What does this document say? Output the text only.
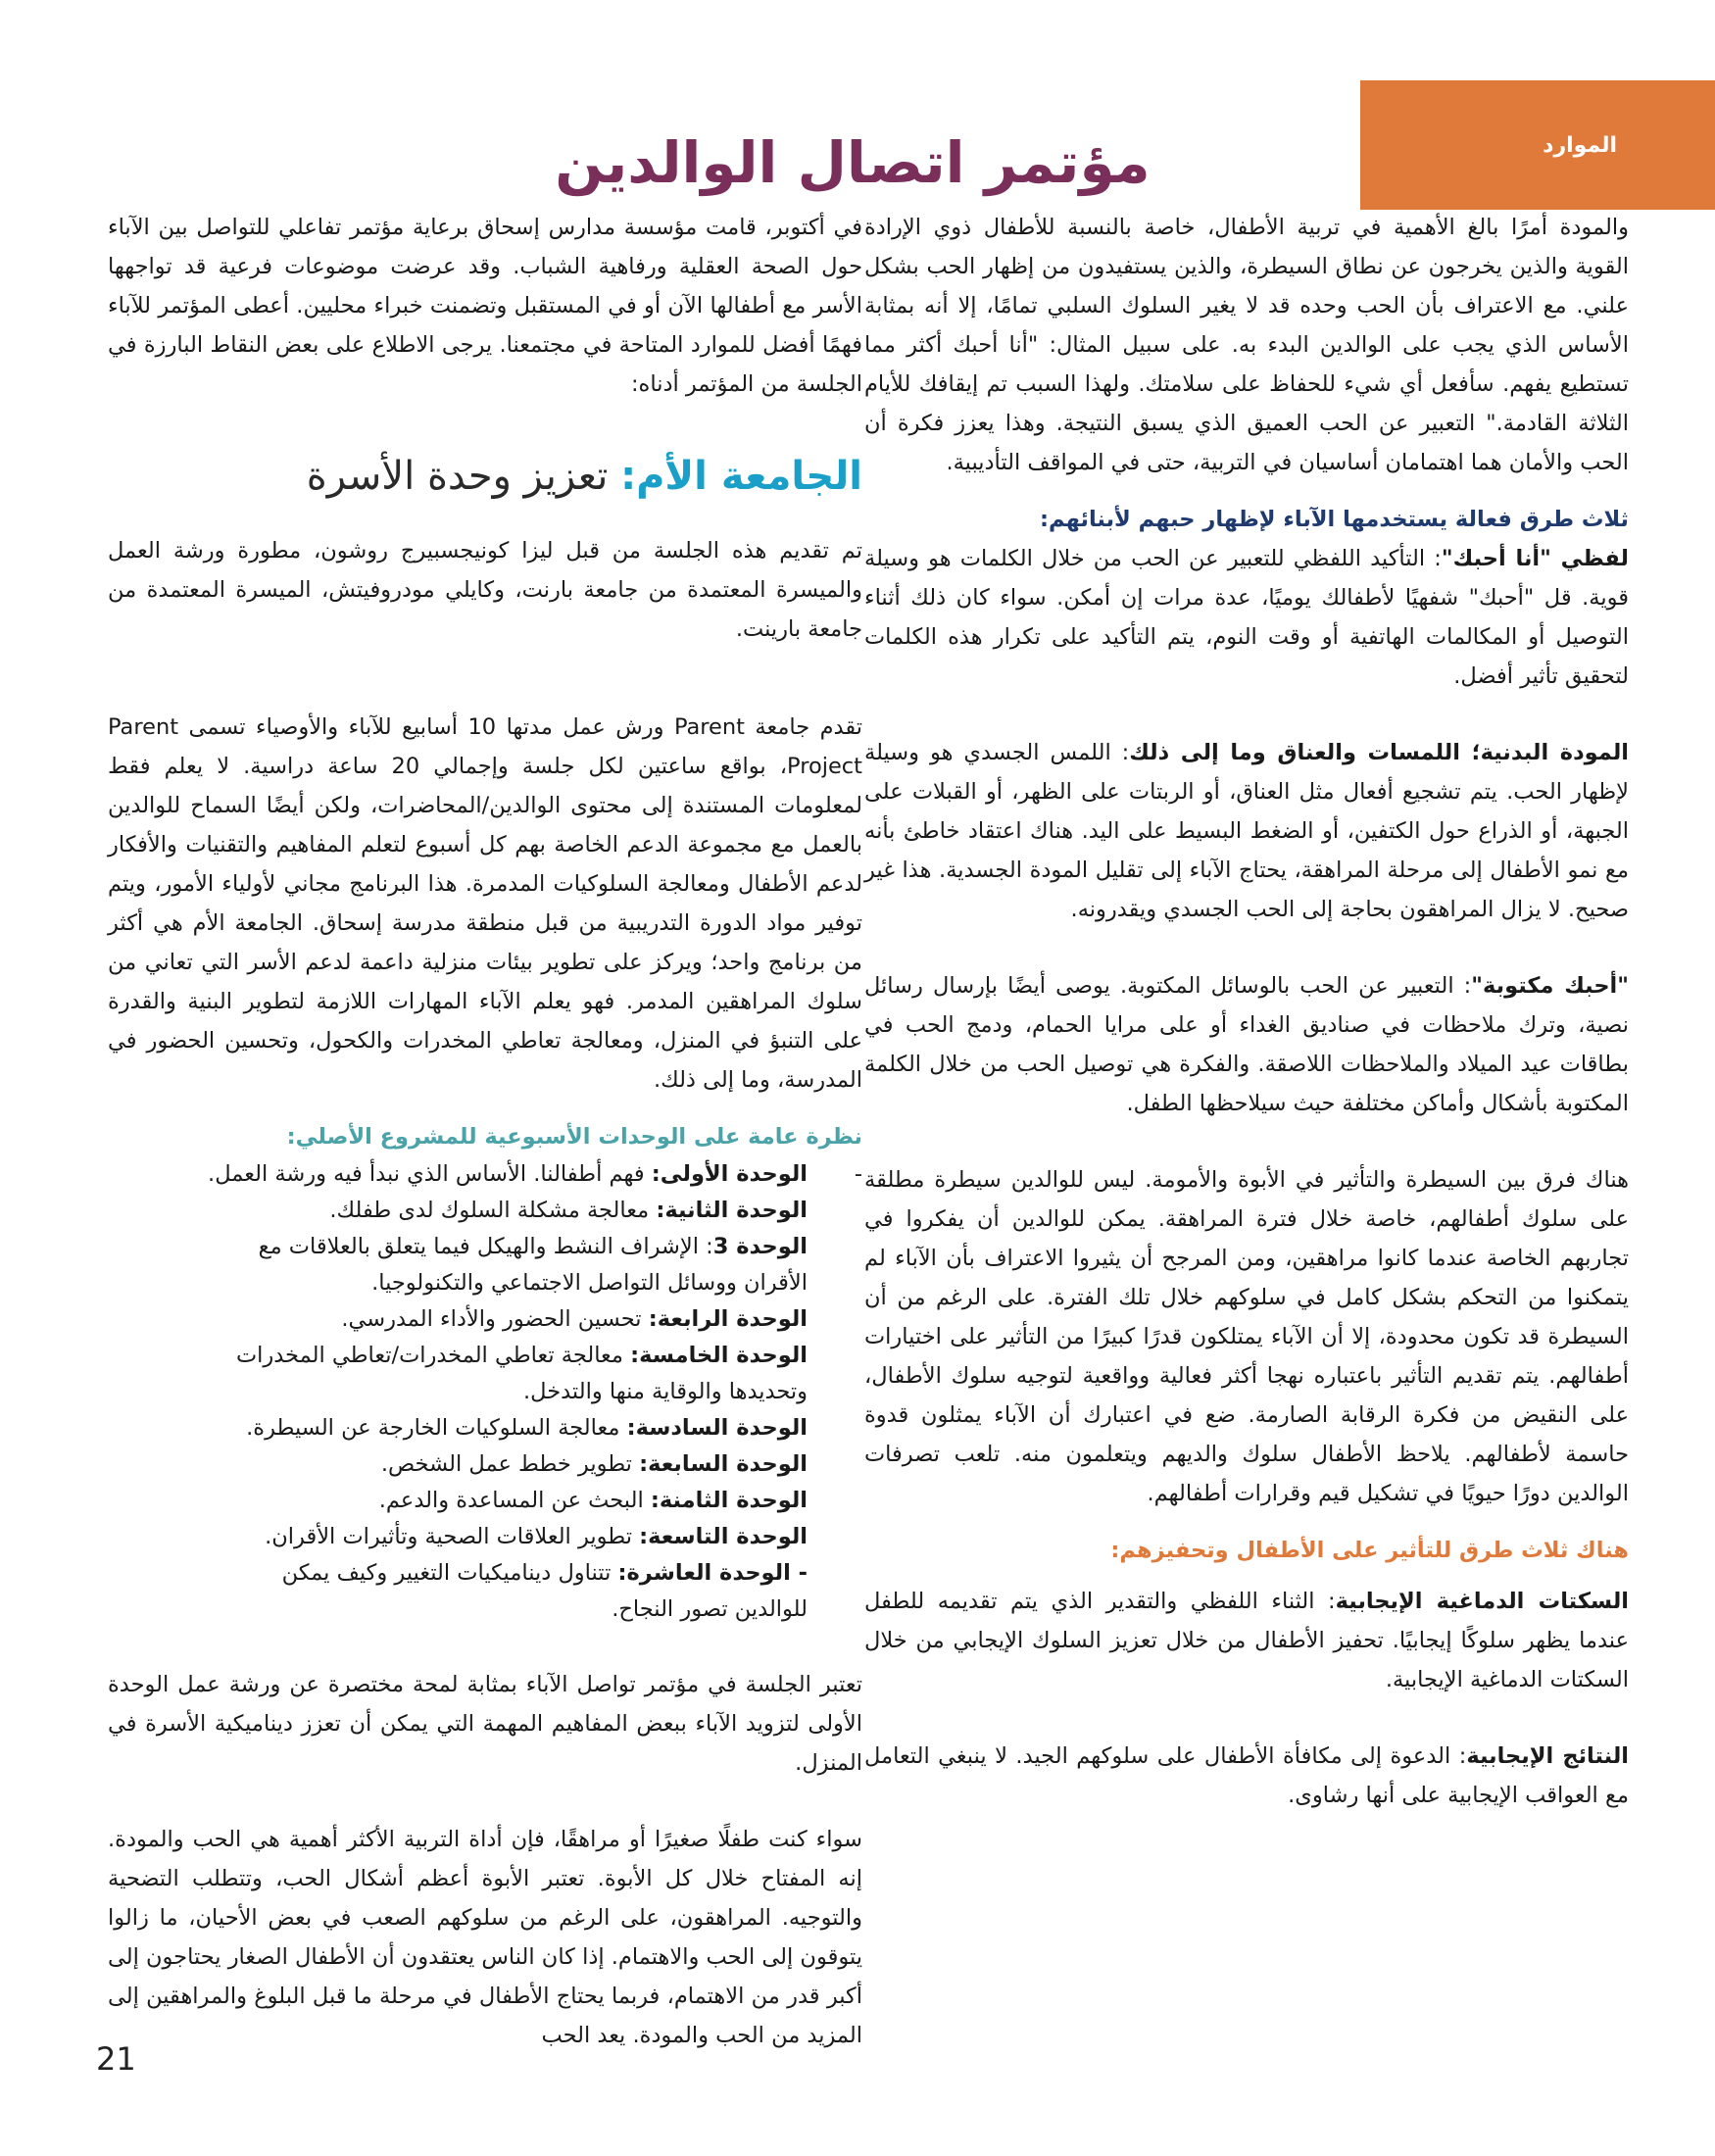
الموارد
مؤتمر اتصال الوالدين

والمودة أمرًا بالغ الأهمية في تربية الأطفال، خاصة بالنسبة للأطفال ذوي الإرادة القوية والذين يخرجون عن نطاق السيطرة، والذين يستفيدون من إظهار الحب بشكل علني. مع الاعتراف بأن الحب وحده قد لا يغير السلوك السلبي تمامًا، إلا أنه بمثابة الأساس الذي يجب على الوالدين البدء به. على سبيل المثال: "أنا أحبك أكثر مما تستطيع يفهم. سأفعل أي شيء للحفاظ على سلامتك. ولهذا السبب تم إيقافك للأيام الثلاثة القادمة." التعبير عن الحب العميق الذي يسبق النتيجة. وهذا يعزز فكرة أن الحب والأمان هما اهتمامان أساسيان في التربية، حتى في المواقف التأديبية.

ثلاث طرق فعالة يستخدمها الآباء لإظهار حبهم لأبنائهم:

لفظي "أنا أحبك": التأكيد اللفظي للتعبير عن الحب من خلال الكلمات هو وسيلة قوية. قل "أحبك" شفهيًا لأطفالك يوميًا، عدة مرات إن أمكن. سواء كان ذلك أثناء التوصيل أو المكالمات الهاتفية أو وقت النوم، يتم التأكيد على تكرار هذه الكلمات لتحقيق تأثير أفضل.

المودة البدنية؛ اللمسات والعناق وما إلى ذلك: اللمس الجسدي هو وسيلة لإظهار الحب. يتم تشجيع أفعال مثل العناق، أو الربتات على الظهر، أو القبلات على الجبهة، أو الذراع حول الكتفين، أو الضغط البسيط على اليد. هناك اعتقاد خاطئ بأنه مع نمو الأطفال إلى مرحلة المراهقة، يحتاج الآباء إلى تقليل المودة الجسدية. هذا غير صحيح. لا يزال المراهقون بحاجة إلى الحب الجسدي ويقدرونه.

"أحبك مكتوبة": التعبير عن الحب بالوسائل المكتوبة. يوصى أيضًا بإرسال رسائل نصية، وترك ملاحظات في صناديق الغداء أو على مرايا الحمام، ودمج الحب في بطاقات عيد الميلاد والملاحظات اللاصقة. والفكرة هي توصيل الحب من خلال الكلمة المكتوبة بأشكال وأماكن مختلفة حيث سيلاحظها الطفل.

هناك فرق بين السيطرة والتأثير في الأبوة والأمومة. ليس للوالدين سيطرة مطلقة على سلوك أطفالهم، خاصة خلال فترة المراهقة. يمكن للوالدين أن يفكروا في تجاربهم الخاصة عندما كانوا مراهقين، ومن المرجح أن يثيروا الاعتراف بأن الآباء لم يتمكنوا من التحكم بشكل كامل في سلوكهم خلال تلك الفترة. على الرغم من أن السيطرة قد تكون محدودة، إلا أن الآباء يمتلكون قدرًا كبيرًا من التأثير على اختيارات أطفالهم. يتم تقديم التأثير باعتباره نهجا أكثر فعالية وواقعية لتوجيه سلوك الأطفال، على النقيض من فكرة الرقابة الصارمة. ضع في اعتبارك أن الآباء يمثلون قدوة حاسمة لأطفالهم. يلاحظ الأطفال سلوك والديهم ويتعلمون منه. تلعب تصرفات الوالدين دورًا حيويًا في تشكيل قيم وقرارات أطفالهم.

هناك ثلاث طرق للتأثير على الأطفال وتحفيزهم:

السكتات الدماغية الإيجابية: الثناء اللفظي والتقدير الذي يتم تقديمه للطفل عندما يظهر سلوكًا إيجابيًا. تحفيز الأطفال من خلال تعزيز السلوك الإيجابي من خلال السكتات الدماغية الإيجابية.

النتائج الإيجابية: الدعوة إلى مكافأة الأطفال على سلوكهم الجيد. لا ينبغي التعامل مع العواقب الإيجابية على أنها رشاوى.

في أكتوبر، قامت مؤسسة مدارس إسحاق برعاية مؤتمر تفاعلي للتواصل بين الآباء حول الصحة العقلية ورفاهية الشباب. وقد عرضت موضوعات فرعية قد تواجهها الأسر مع أطفالها الآن أو في المستقبل وتضمنت خبراء محليين. أعطى المؤتمر للآباء فهمًا أفضل للموارد المتاحة في مجتمعنا. يرجى الاطلاع على بعض النقاط البارزة في الجلسة من المؤتمر أدناه:

الجامعة الأم: تعزيز وحدة الأسرة

تم تقديم هذه الجلسة من قبل ليزا كونيجسبيرج روشون، مطورة ورشة العمل والميسرة المعتمدة من جامعة بارنت، وكايلي مودروفيتش، الميسرة المعتمدة من جامعة بارينت.

تقدم جامعة Parent ورش عمل مدتها 10 أسابيع للآباء والأوصياء تسمى Parent Project، بواقع ساعتين لكل جلسة وإجمالي 20 ساعة دراسية. لا يعلم فقط لمعلومات المستندة إلى محتوى الوالدين/المحاضرات، ولكن أيضًا السماح للوالدين بالعمل مع مجموعة الدعم الخاصة بهم كل أسبوع لتعلم المفاهيم والتقنيات والأفكار لدعم الأطفال ومعالجة السلوكيات المدمرة. هذا البرنامج مجاني لأولياء الأمور، ويتم توفير مواد الدورة التدريبية من قبل منطقة مدرسة إسحاق. الجامعة الأم هي أكثر من برنامج واحد؛ ويركز على تطوير بيئات منزلية داعمة لدعم الأسر التي تعاني من سلوك المراهقين المدمر. فهو يعلم الآباء المهارات اللازمة لتطوير البنية والقدرة على التنبؤ في المنزل، ومعالجة تعاطي المخدرات والكحول، وتحسين الحضور في المدرسة، وما إلى ذلك.

نظرة عامة على الوحدات الأسبوعية للمشروع الأصلي:
-الوحدة الأولى: فهم أطفالنا. الأساس الذي نبدأ فيه ورشة العمل.
الوحدة الثانية: معالجة مشكلة السلوك لدى طفلك.
الوحدة 3: الإشراف النشط والهيكل فيما يتعلق بالعلاقات مع
الأقران ووسائل التواصل الاجتماعي والتكنولوجيا.
الوحدة الرابعة: تحسين الحضور والأداء المدرسي.
الوحدة الخامسة: معالجة تعاطي المخدرات/تعاطي المخدرات
وتحديدها والوقاية منها والتدخل.
الوحدة السادسة: معالجة السلوكيات الخارجة عن السيطرة.
الوحدة السابعة: تطوير خطط عمل الشخص.
الوحدة الثامنة: البحث عن المساعدة والدعم.
الوحدة التاسعة: تطوير العلاقات الصحية وتأثيرات الأقران.
- الوحدة العاشرة: تتناول ديناميكيات التغيير وكيف يمكن
للوالدين تصور النجاح.

تعتبر الجلسة في مؤتمر تواصل الآباء بمثابة لمحة مختصرة عن ورشة عمل الوحدة الأولى لتزويد الآباء ببعض المفاهيم المهمة التي يمكن أن تعزز ديناميكية الأسرة في المنزل.

سواء كنت طفلًا صغيرًا أو مراهقًا، فإن أداة التربية الأكثر أهمية هي الحب والمودة. إنه المفتاح خلال كل الأبوة. تعتبر الأبوة أعظم أشكال الحب، وتتطلب التضحية والتوجيه. المراهقون، على الرغم من سلوكهم الصعب في بعض الأحيان، ما زالوا يتوقون إلى الحب والاهتمام. إذا كان الناس يعتقدون أن الأطفال الصغار يحتاجون إلى أكبر قدر من الاهتمام، فربما يحتاج الأطفال في مرحلة ما قبل البلوغ والمراهقين إلى المزيد من الحب والمودة. يعد الحب

21
